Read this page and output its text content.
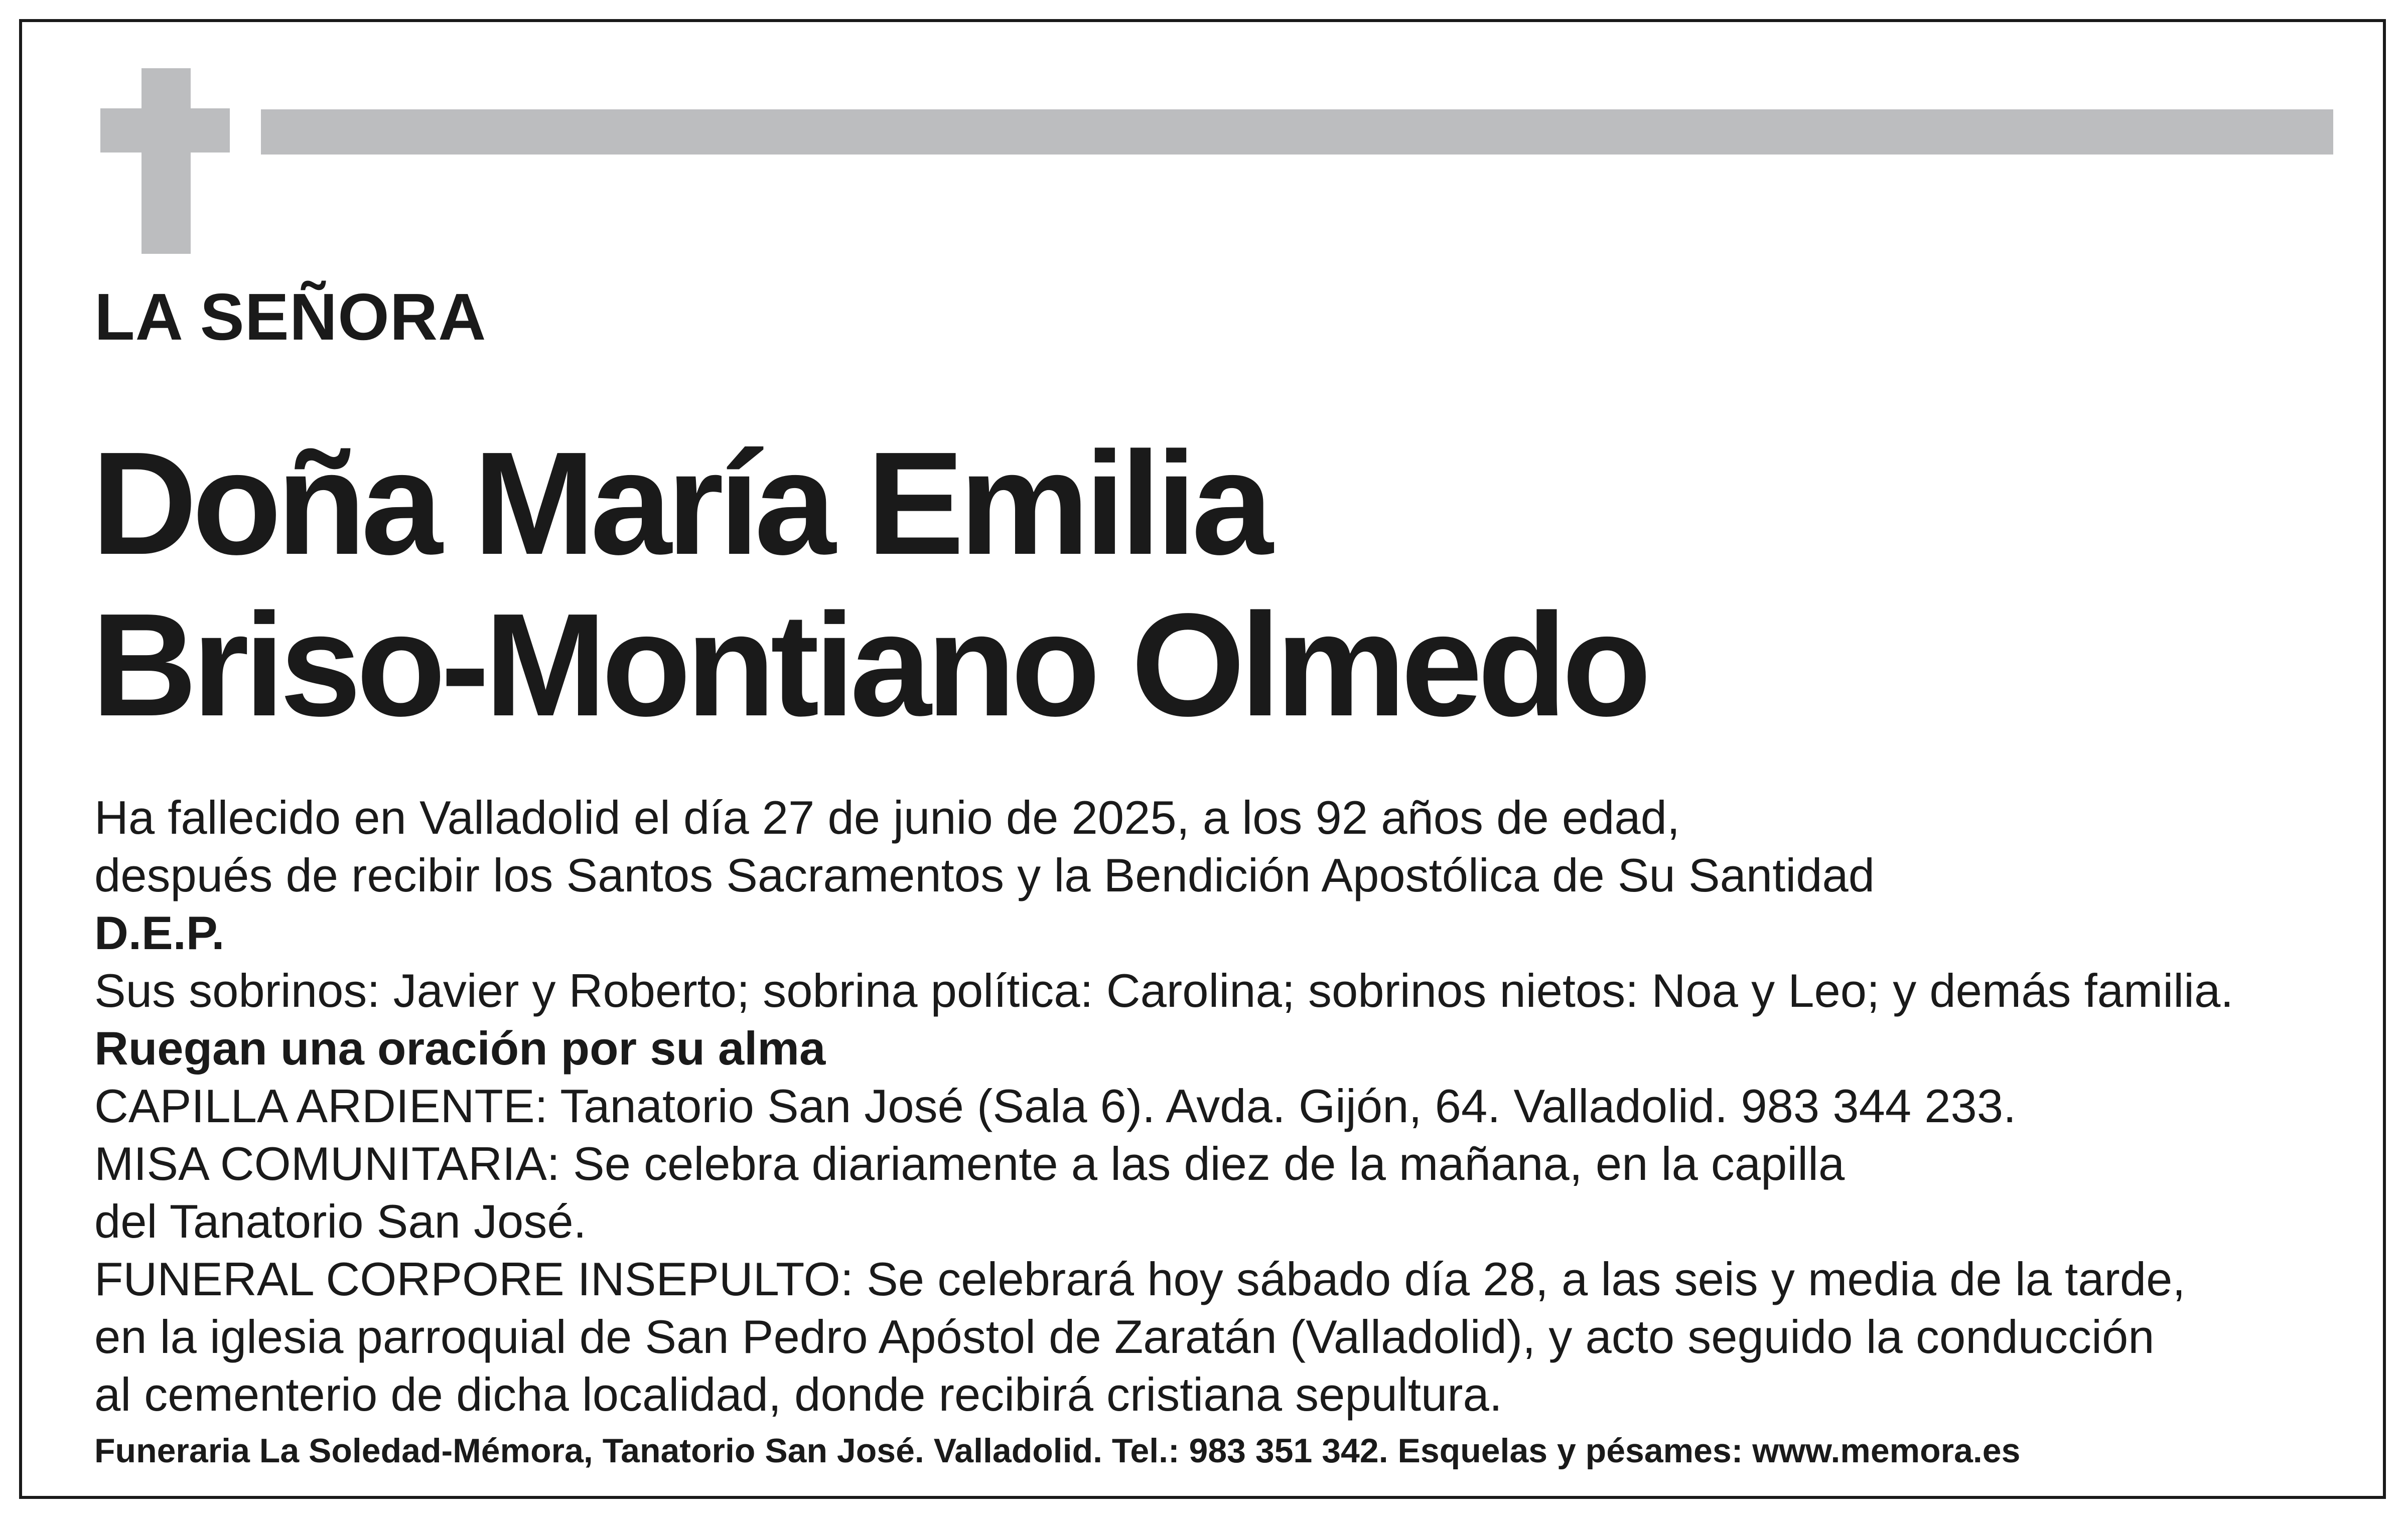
LA SEÑORA
Doña María Emilia
Briso-Montiano Olmedo
Ha fallecido en Valladolid el día 27 de junio de 2025, a los 92 años de edad,
después de recibir los Santos Sacramentos y la Bendición Apostólica de Su Santidad
D.E.P.
Sus sobrinos: Javier y Roberto; sobrina política: Carolina; sobrinos nietos: Noa y Leo; y demás familia.
Ruegan una oración por su alma
CAPILLA ARDIENTE: Tanatorio San José (Sala 6). Avda. Gijón, 64. Valladolid. 983 344 233.
MISA COMUNITARIA: Se celebra diariamente a las diez de la mañana, en la capilla
del Tanatorio San José.
FUNERAL CORPORE INSEPULTO: Se celebrará hoy sábado día 28, a las seis y media de la tarde,
en la iglesia parroquial de San Pedro Apóstol de Zaratán (Valladolid), y acto seguido la conducción
al cementerio de dicha localidad, donde recibirá cristiana sepultura.
Funeraria La Soledad-Mémora, Tanatorio San José. Valladolid. Tel.: 983 351 342. Esquelas y pésames: www.memora.es
